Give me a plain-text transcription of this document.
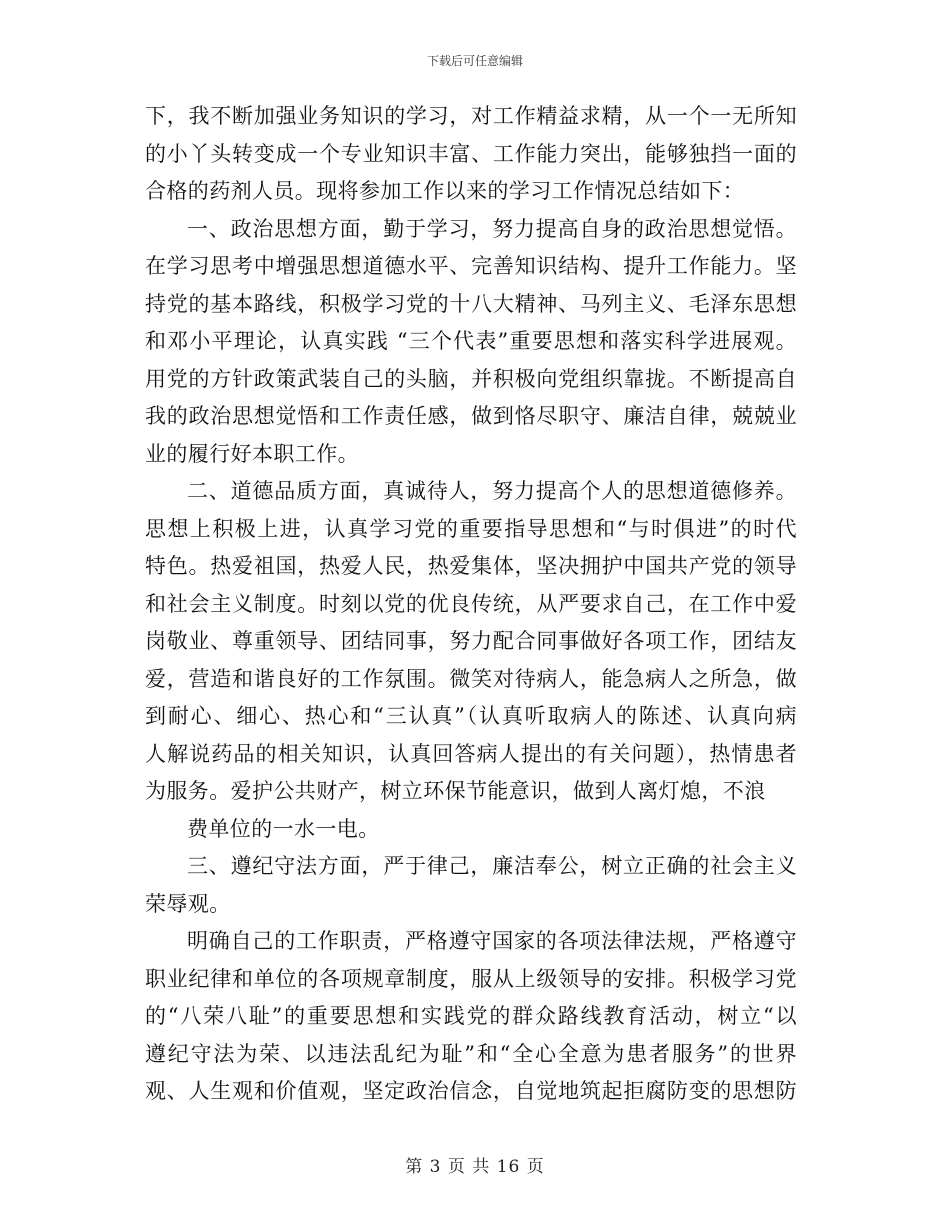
下载后可任意编辑
下，我不断加强业务知识的学习，对工作精益求精，从一个一无所知
的小丫头转变成一个专业知识丰富、工作能力突出，能够独挡一面的
合格的药剂人员。现将参加工作以来的学习工作情况总结如下：
一、政治思想方面，勤于学习，努力提高自身的政治思想觉悟。
在学习思考中增强思想道德水平、完善知识结构、提升工作能力。坚
持党的基本路线，积极学习党的十八大精神、马列主义、毛泽东思想
和邓小平理论，认真实践 “三个代表”重要思想和落实科学进展观。
用党的方针政策武装自己的头脑，并积极向党组织靠拢。不断提高自
我的政治思想觉悟和工作责任感，做到恪尽职守、廉洁自律，兢兢业
业的履行好本职工作。
二、道德品质方面，真诚待人，努力提高个人的思想道德修养。
思想上积极上进，认真学习党的重要指导思想和“与时俱进”的时代
特色。热爱祖国，热爱人民，热爱集体，坚决拥护中国共产党的领导
和社会主义制度。时刻以党的优良传统，从严要求自己，在工作中爱
岗敬业、尊重领导、团结同事，努力配合同事做好各项工作，团结友
爱，营造和谐良好的工作氛围。微笑对待病人，能急病人之所急，做
到耐心、细心、热心和“三认真”（认真听取病人的陈述、认真向病
人解说药品的相关知识，认真回答病人提出的有关问题），热情患者
为服务。爱护公共财产，树立环保节能意识，做到人离灯熄，不浪
费单位的一水一电。
三、遵纪守法方面，严于律己，廉洁奉公，树立正确的社会主义
荣辱观。
明确自己的工作职责，严格遵守国家的各项法律法规，严格遵守
职业纪律和单位的各项规章制度，服从上级领导的安排。积极学习党
的“八荣八耻”的重要思想和实践党的群众路线教育活动，树立“以
遵纪守法为荣、以违法乱纪为耻”和“全心全意为患者服务”的世界
观、人生观和价值观，坚定政治信念，自觉地筑起拒腐防变的思想防
第 3 页 共 16 页
